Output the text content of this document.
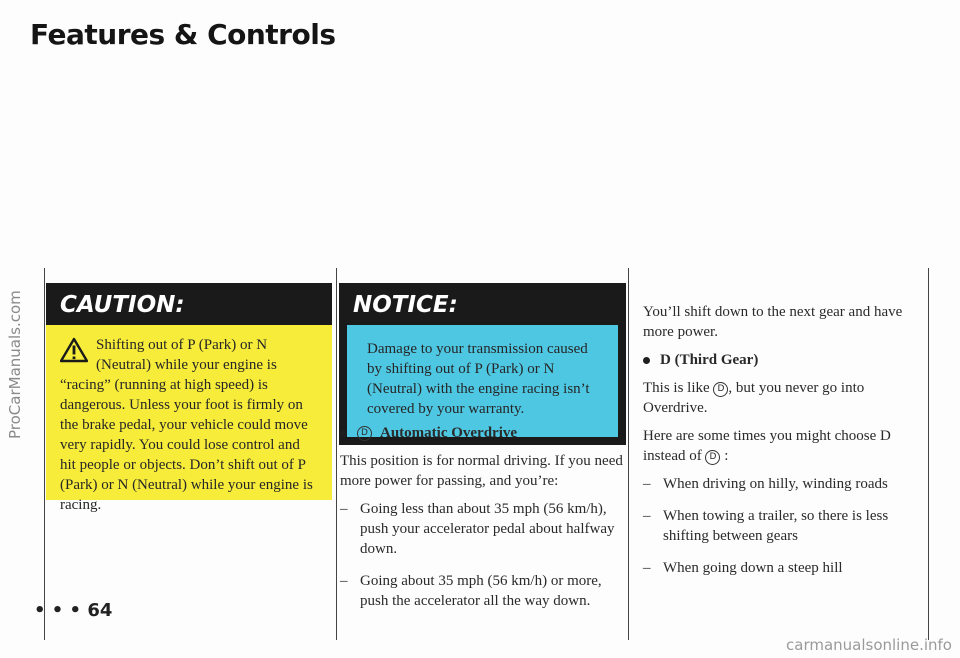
Features & Controls
ProCarManuals.com	CAUTION:
Shifting out of P (Park) or N (Neutral) while your engine is “racing” (running at high speed) is dangerous. Unless your foot is firmly on the brake pedal, your vehicle could move very rapidly. You could lose control and hit people or objects. Don’t shift out of P (Park) or N (Neutral) while your engine is racing.
NOTICE:
Damage to your transmission caused by shifting out of P (Park) or N (Neutral) with the engine racing isn’t covered by your warranty.
D Automatic Overdrive

This position is for normal driving. If you need more power for passing, and you’re:

– Going less than about 35 mph (56 km/h), push your accelerator pedal about halfway down.
– Going about 35 mph (56 km/h) or more, push the accelerator all the way down.

You’ll shift down to the next gear and have more power.

D (Third Gear)

This is like D , but you never go into Overdrive.

Here are some times you might choose D instead of D :

– When driving on hilly, winding roads
– When towing a trailer, so there is less shifting between gears
– When going down a steep hill
• • • 64
carmanualsonline.info
